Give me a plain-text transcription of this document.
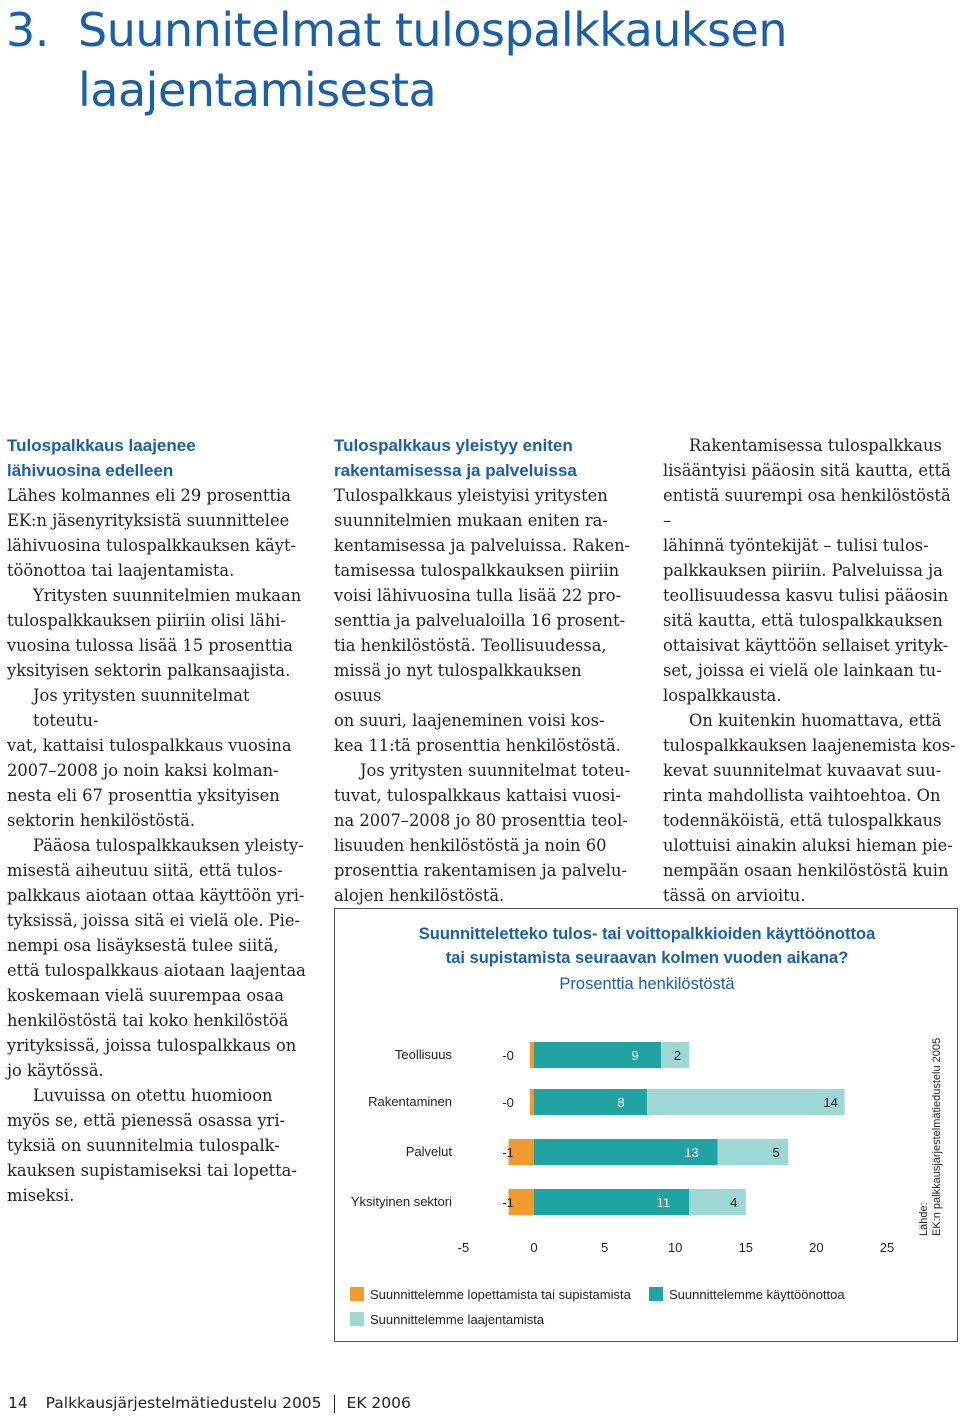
3. Suunnitelmat tulospalkkauksen
laajentamisesta
Tulospalkkaus laajenee
lähivuosina edelleen

Lähes kolmannes eli 29 prosenttia
EK:n jäsenyrityksistä suunnittelee
lähivuosina tulospalkkauksen käyt-
töönottoa tai laajentamista.

Yritysten suunnitelmien mukaan
tulospalkkauksen piiriin olisi lähi-
vuosina tulossa lisää 15 prosenttia
yksityisen sektorin palkansaajista.

Jos yritysten suunnitelmat toteutu-
vat, kattaisi tulospalkkaus vuosina
2007–2008 jo noin kaksi kolman-
nesta eli 67 prosenttia yksityisen
sektorin henkilöstöstä.

Pääosa tulospalkkauksen yleisty-
misestä aiheutuu siitä, että tulos-
palkkaus aiotaan ottaa käyttöön yri-
tyksissä, joissa sitä ei vielä ole. Pie-
nempi osa lisäyksestä tulee siitä,
että tulospalkkaus aiotaan laajentaa
koskemaan vielä suurempaa osaa
henkilöstöstä tai koko henkilöstöä
yrityksissä, joissa tulospalkkaus on
jo käytössä.

Luvuissa on otettu huomioon
myös se, että pienessä osassa yri-
tyksiä on suunnitelmia tulospalk-
kauksen supistamiseksi tai lopetta-
miseksi.

Tulospalkkaus yleistyy eniten
rakentamisessa ja palveluissa

Tulospalkkaus yleistyisi yritysten
suunnitelmien mukaan eniten ra-
kentamisessa ja palveluissa. Raken-
tamisessa tulospalkkauksen piiriin
voisi lähivuosina tulla lisää 22 pro-
senttia ja palvelualoilla 16 prosent-
tia henkilöstöstä. Teollisuudessa,
missä jo nyt tulospalkkauksen osuus
on suuri, laajeneminen voisi kos-
kea 11:tä prosenttia henkilöstöstä.

Jos yritysten suunnitelmat toteu-
tuvat, tulospalkkaus kattaisi vuosi-
na 2007–2008 jo 80 prosenttia teol-
lisuuden henkilöstöstä ja noin 60
prosenttia rakentamisen ja palvelu-
alojen henkilöstöstä.

Rakentamisessa tulospalkkaus
lisääntyisi pääosin sitä kautta, että
entistä suurempi osa henkilöstöstä –
lähinnä työntekijät – tulisi tulos-
palkkauksen piiriin. Palveluissa ja
teollisuudessa kasvu tulisi pääosin
sitä kautta, että tulospalkkauksen
ottaisivat käyttöön sellaiset yrityk-
set, joissa ei vielä ole lainkaan tu-
lospalkkausta.

On kuitenkin huomattava, että
tulospalkkauksen laajenemista kos-
kevat suunnitelmat kuvaavat suu-
rinta mahdollista vaihtoehtoa. On
todennäköistä, että tulospalkkaus
ulottuisi ainakin aluksi hieman pie-
nempään osaan henkilöstöstä kuin
tässä on arvioitu.

Suunnitteletteko tulos- tai voittopalkkioiden käyttöönottoa
tai supistamista seuraavan kolmen vuoden aikana?
Prosenttia henkilöstöstä
Teollisuus	-0	9	2
Rakentaminen	-0	8	14
Palvelut	-1	13	5
Yksityinen sektori	-1	11	4
-5	0	5	10	15	20	25
Lähde: EK:n palkkausjärjestelmätiedustelu 2005
Suunnittelemme lopettamista tai supistamista	Suunnittelemme käyttöönottoa
Suunnittelemme laajentamista
14 Palkkausjärjestelmätiedustelu 2005 EK 2006
